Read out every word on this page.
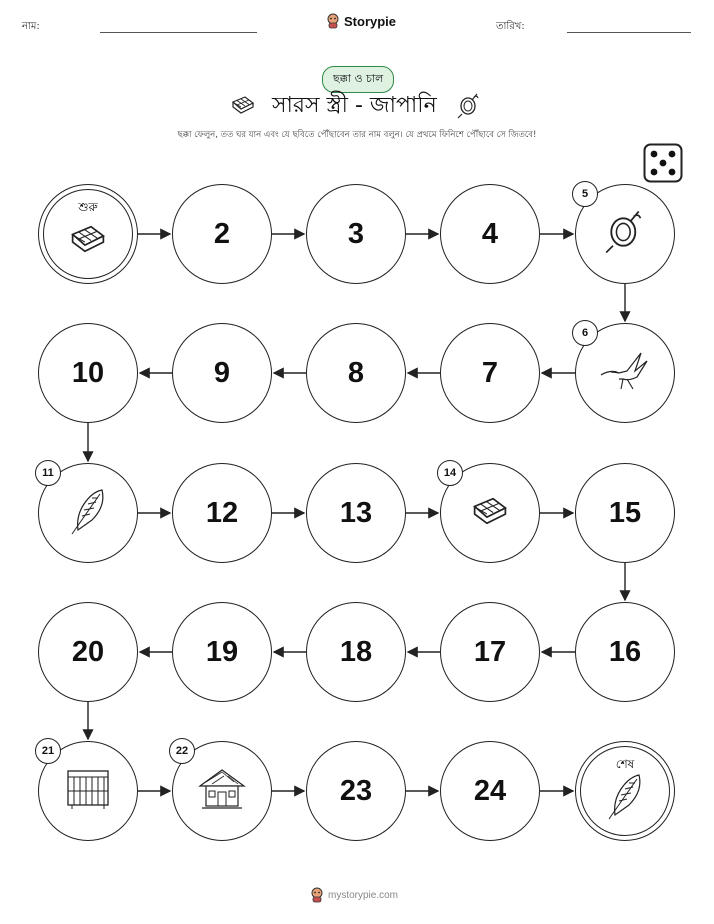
নাম:	Storypie	তারিখ:
ছক্কা ও চাল
সারস স্ত্রী - জাপানি
ছক্কা ফেলুন, তত ঘর যান এবং যে ছবিতে পৌঁছাবেন তার নাম বলুন। যে প্রথমে ফিনিশে পৌঁছাবে সে জিতবে!
শুরু
2	3	4
5
6
7
8
9
10
11
12	13
14
15
16
17
18
19
20
21	22
23	24
শেষ
mystorypie.com
